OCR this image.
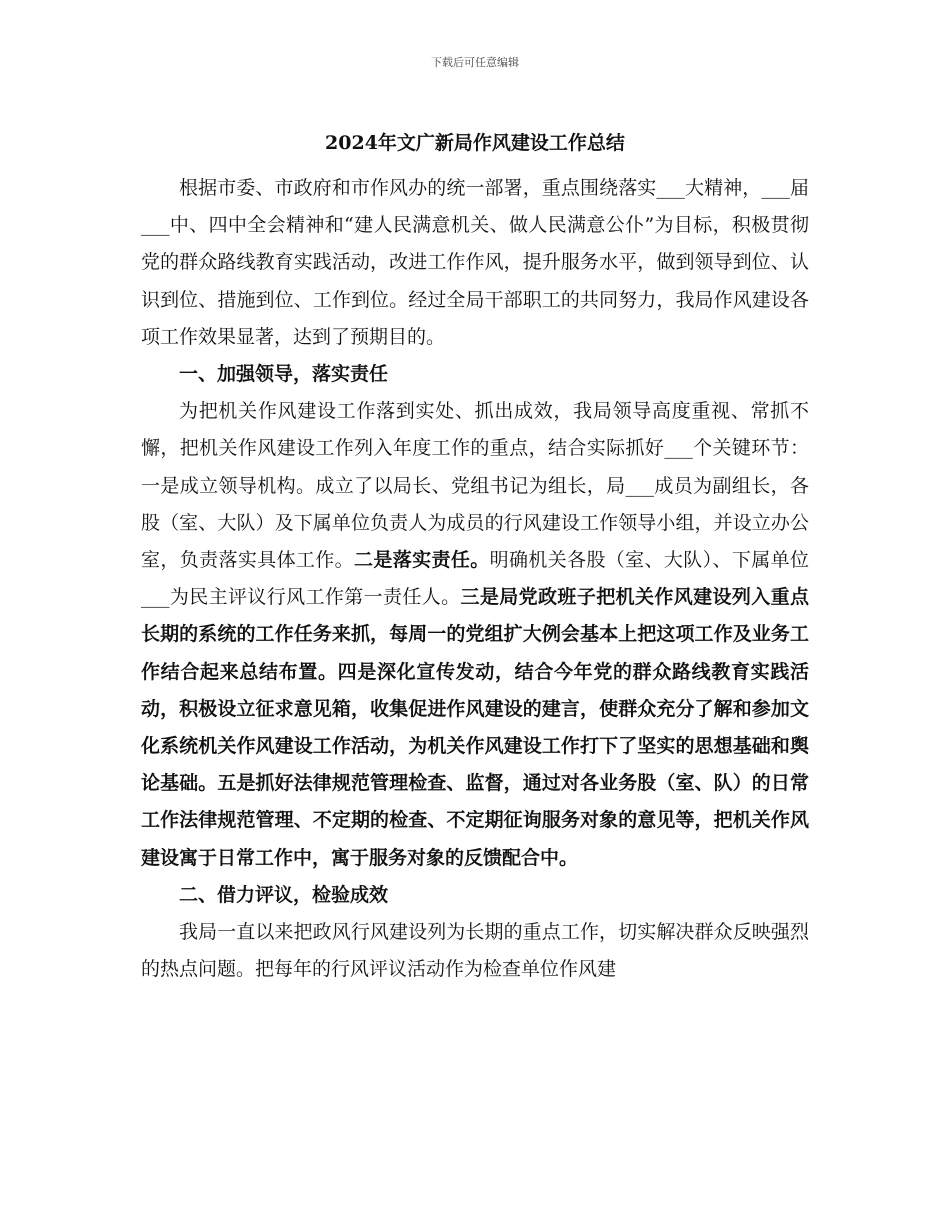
下载后可任意编辑
2024年文广新局作风建设工作总结

根据市委、市政府和市作风办的统一部署，重点围绕落实___大精神，___届___中、四中全会精神和“建人民满意机关、做人民满意公仆”为目标，积极贯彻党的群众路线教育实践活动，改进工作作风，提升服务水平，做到领导到位、认识到位、措施到位、工作到位。经过全局干部职工的共同努力，我局作风建设各项工作效果显著，达到了预期目的。

一、加强领导，落实责任

为把机关作风建设工作落到实处、抓出成效，我局领导高度重视、常抓不懈，把机关作风建设工作列入年度工作的重点，结合实际抓好___个关键环节：一是成立领导机构。成立了以局长、党组书记为组长，局___成员为副组长，各股（室、大队）及下属单位负责人为成员的行风建设工作领导小组，并设立办公室，负责落实具体工作。二是落实责任。明确机关各股（室、大队）、下属单位___为民主评议行风工作第一责任人。三是局党政班子把机关作风建设列入重点长期的系统的工作任务来抓，每周一的党组扩大例会基本上把这项工作及业务工作结合起来总结布置。四是深化宣传发动，结合今年党的群众路线教育实践活动，积极设立征求意见箱，收集促进作风建设的建言，使群众充分了解和参加文化系统机关作风建设工作活动，为机关作风建设工作打下了坚实的思想基础和舆论基础。五是抓好法律规范管理检查、监督，通过对各业务股（室、队）的日常工作法律规范管理、不定期的检查、不定期征询服务对象的意见等，把机关作风建设寓于日常工作中，寓于服务对象的反馈配合中。

二、借力评议，检验成效

我局一直以来把政风行风建设列为长期的重点工作，切实解决群众反映强烈的热点问题。把每年的行风评议活动作为检查单位作风建
